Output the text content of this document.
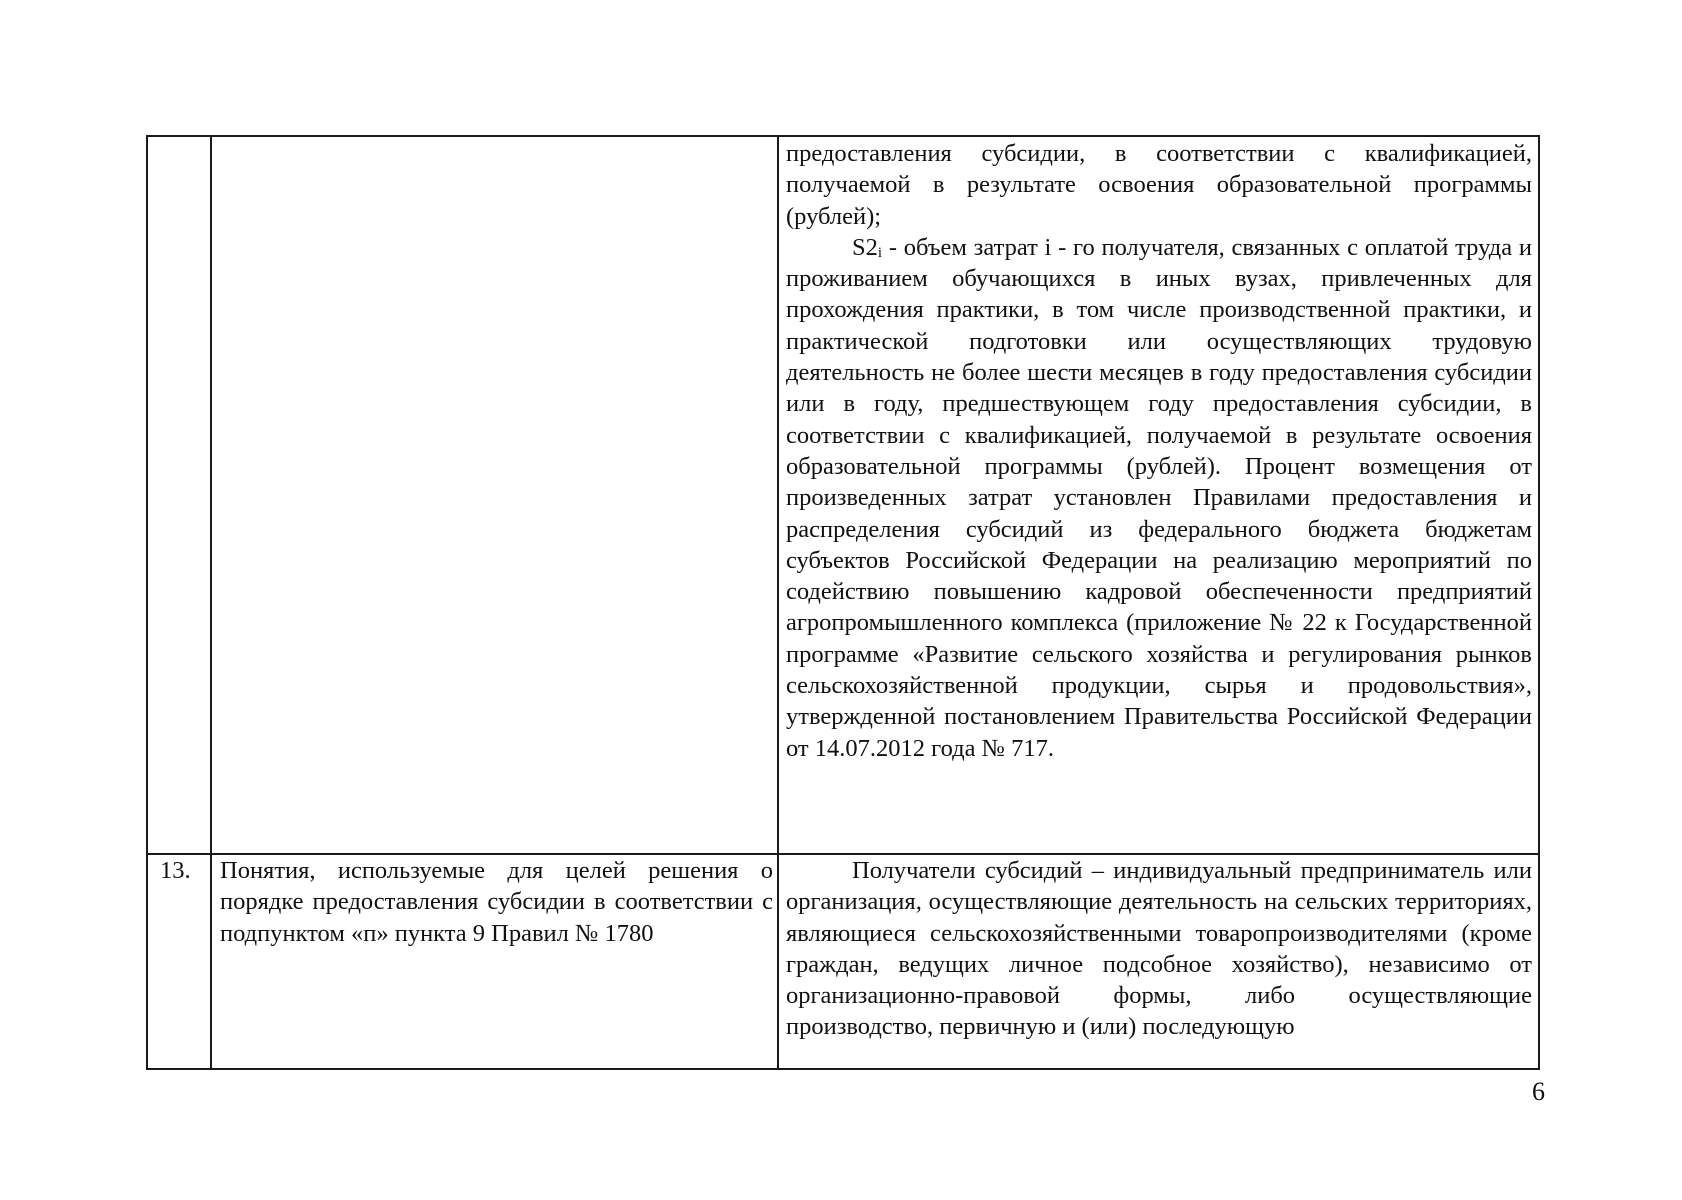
предоставления субсидии, в соответствии с квалификацией, получаемой в результате освоения образовательной программы (рублей);

$S2_i$ - объем затрат i - го получателя, связанных с оплатой труда и проживанием обучающихся в иных вузах, привлеченных для прохождения практики, в том числе производственной практики, и практической подготовки или осуществляющих трудовую деятельность не более шести месяцев в году предоставления субсидии или в году, предшествующем году предоставления субсидии, в соответствии с квалификацией, получаемой в результате освоения образовательной программы (рублей). Процент возмещения от произведенных затрат установлен Правилами предоставления и распределения субсидий из федерального бюджета бюджетам субъектов Российской Федерации на реализацию мероприятий по содействию повышению кадровой обеспеченности предприятий агропромышленного комплекса (приложение № 22 к Государственной программе «Развитие сельского хозяйства и регулирования рынков сельскохозяйственной продукции, сырья и продовольствия», утвержденной постановлением Правительства Российской Федерации от 14.07.2012 года № 717.

13.	Понятия, используемые для целей решения о порядке предоставления субсидии в соответствии с подпунктом «п» пункта 9 Правил № 1780

Получатели субсидий – индивидуальный предприниматель или организация, осуществляющие деятельность на сельских территориях, являющиеся сельскохозяйственными товаропроизводителями (кроме граждан, ведущих личное подсобное хозяйство), независимо от организационно-правовой формы, либо осуществляющие производство, первичную и (или) последующую

6
